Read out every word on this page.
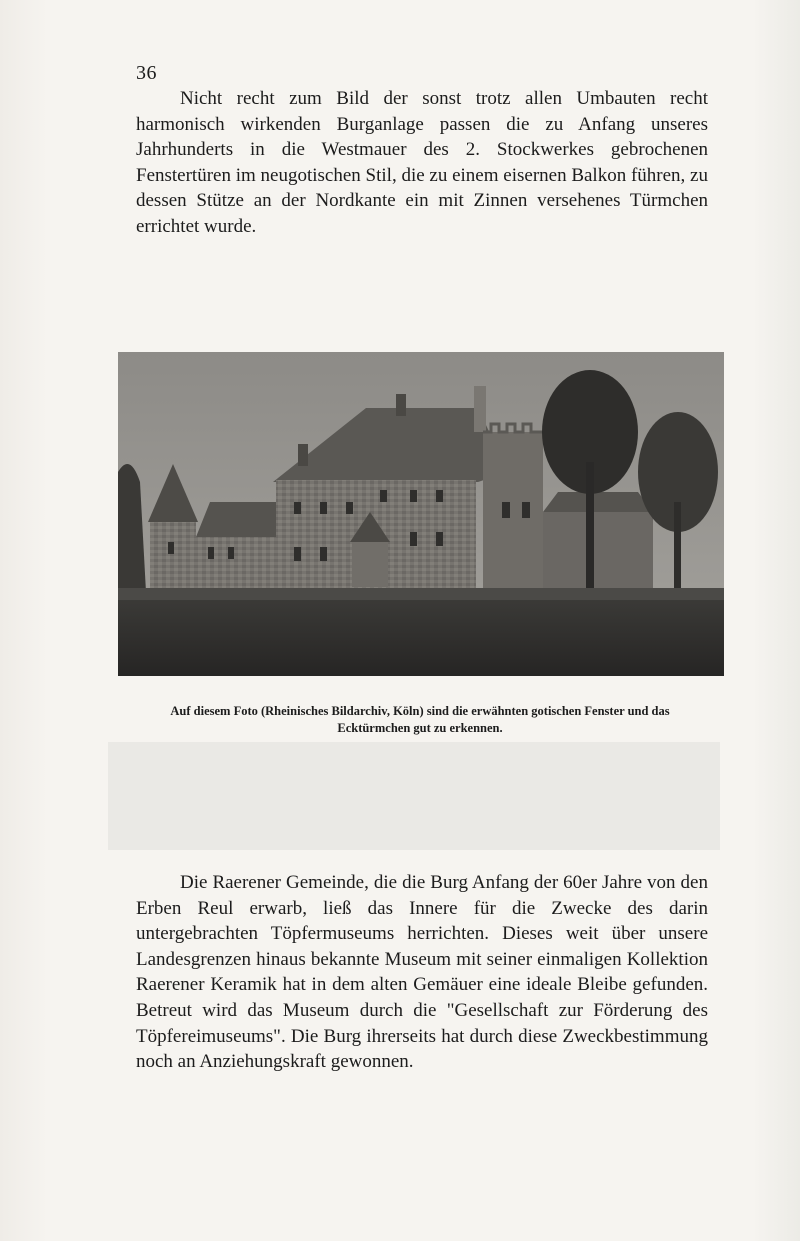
36

Nicht recht zum Bild der sonst trotz allen Umbauten recht harmonisch wirkenden Burganlage passen die zu Anfang unseres Jahrhunderts in die Westmauer des 2. Stockwerkes gebrochenen Fenstertüren im neugotischen Stil, die zu einem eisernen Balkon führen, zu dessen Stütze an der Nordkante ein mit Zinnen versehenes Türmchen errichtet wurde.

Auf diesem Foto (Rheinisches Bildarchiv, Köln) sind die erwähnten gotischen Fenster und das Ecktürmchen gut zu erkennen.

Die Raerener Gemeinde, die die Burg Anfang der 60er Jahre von den Erben Reul erwarb, ließ das Innere für die Zwecke des darin untergebrachten Töpfermuseums herrichten. Dieses weit über unsere Landesgrenzen hinaus bekannte Museum mit seiner einmaligen Kollektion Raerener Keramik hat in dem alten Gemäuer eine ideale Bleibe gefunden. Betreut wird das Museum durch die "Gesellschaft zur Förderung des Töpfereimuseums". Die Burg ihrerseits hat durch diese Zweckbestimmung noch an Anziehungskraft gewonnen.
